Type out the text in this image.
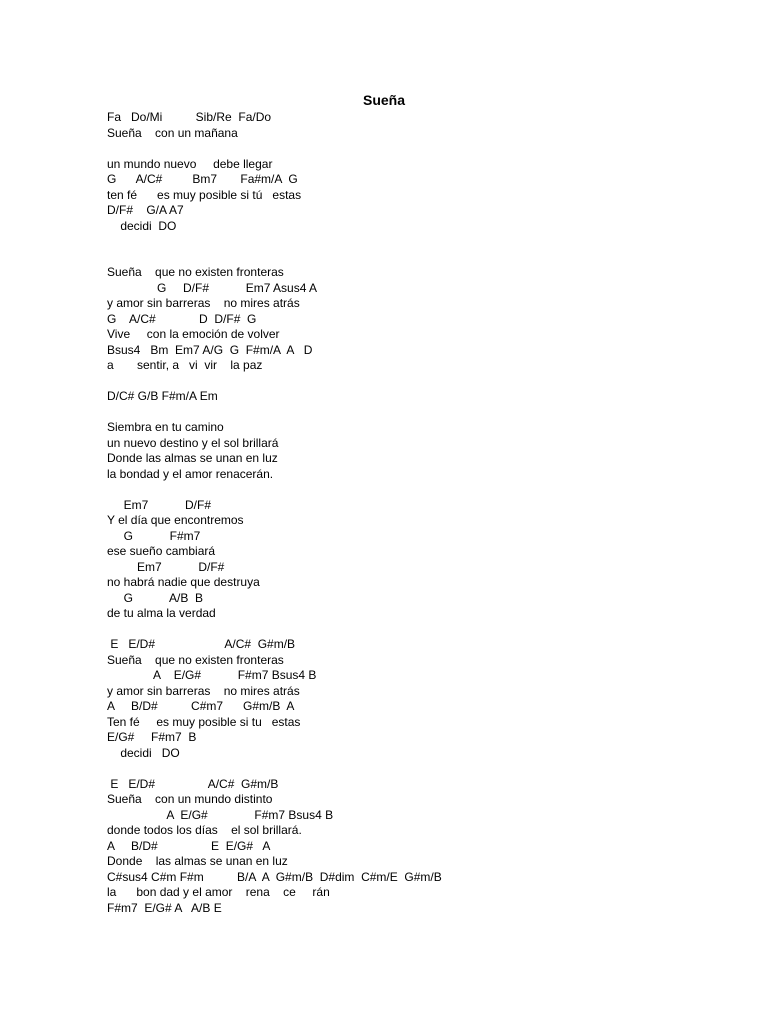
Sueña
Fa   Do/Mi          Sib/Re  Fa/Do
Sueña    con un mañana
un mundo nuevo     debe llegar
G      A/C#         Bm7       Fa#m/A  G
ten fé      es muy posible si tú   estas
D/F#    G/A A7
decidi  DO
Sueña    que no existen fronteras
G     D/F#           Em7 Asus4 A
y amor sin barreras    no mires atrás
G    A/C#             D  D/F#  G
Vive     con la emoción de volver
Bsus4   Bm  Em7 A/G  G  F#m/A  A   D
a       sentir, a   vi  vir    la paz
D/C# G/B F#m/A Em
Siembra en tu camino
un nuevo destino y el sol brillará
Donde las almas se unan en luz
la bondad y el amor renacerán.
Em7           D/F#
Y el día que encontremos
G           F#m7
ese sueño cambiará
Em7           D/F#
no habrá nadie que destruya
G           A/B  B
de tu alma la verdad
E   E/D#                     A/C#  G#m/B
Sueña    que no existen fronteras
A    E/G#           F#m7 Bsus4 B
y amor sin barreras    no mires atrás
A     B/D#          C#m7      G#m/B  A
Ten fé     es muy posible si tu   estas
E/G#     F#m7  B
decidi   DO
E   E/D#                A/C#  G#m/B
Sueña    con un mundo distinto
A  E/G#              F#m7 Bsus4 B
donde todos los días    el sol brillará.
A     B/D#                E  E/G#   A
Donde    las almas se unan en luz
C#sus4 C#m F#m          B/A  A  G#m/B  D#dim  C#m/E  G#m/B
la      bon dad y el amor    rena    ce     rán
F#m7  E/G# A   A/B E
